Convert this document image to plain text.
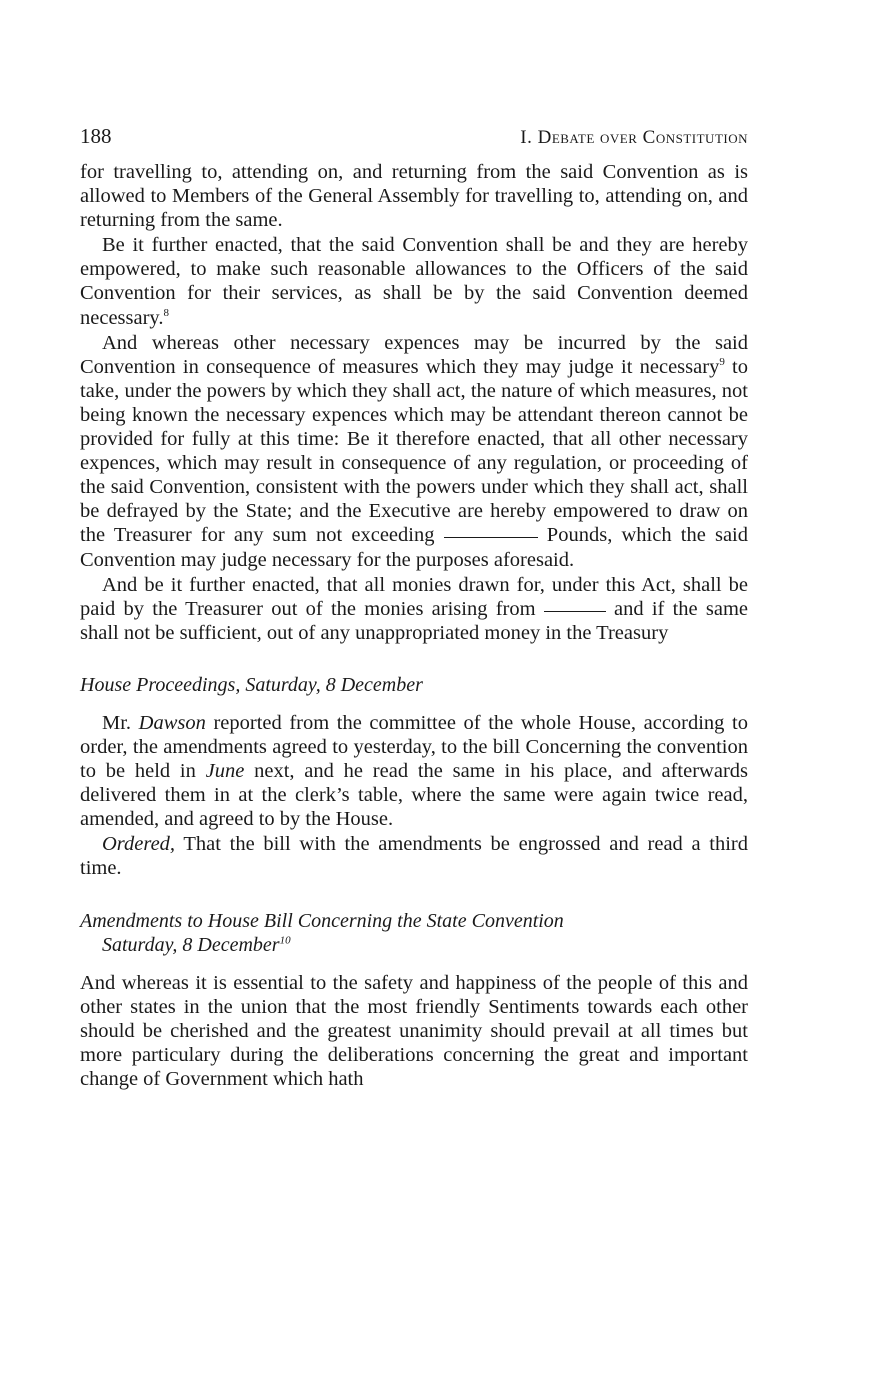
188	I. Debate over Constitution

for travelling to, attending on, and returning from the said Convention as is allowed to Members of the General Assembly for travelling to, attending on, and returning from the same.

Be it further enacted, that the said Convention shall be and they are hereby empowered, to make such reasonable allowances to the Officers of the said Convention for their services, as shall be by the said Convention deemed necessary.$^8$

And whereas other necessary expences may be incurred by the said Convention in consequence of measures which they may judge it necessary$^9$ to take, under the powers by which they shall act, the nature of which measures, not being known the necessary expences which may be attendant thereon cannot be provided for fully at this time: Be it therefore enacted, that all other necessary expences, which may result in consequence of any regulation, or proceeding of the said Convention, consistent with the powers under which they shall act, shall be defrayed by the State; and the Executive are hereby empowered to draw on the Treasurer for any sum not exceeding	Pounds, which the said Convention may judge necessary for the purposes aforesaid.

And be it further enacted, that all monies drawn for, under this Act, shall be paid by the Treasurer out of the monies arising from	and if the same shall not be sufficient, out of any unappropriated money in the Treasury

House Proceedings, Saturday, 8 December

Mr. Dawson reported from the committee of the whole House, according to order, the amendments agreed to yesterday, to the bill Concerning the convention to be held in June next, and he read the same in his place, and afterwards delivered them in at the clerk’s table, where the same were again twice read, amended, and agreed to by the House.

Ordered, That the bill with the amendments be engrossed and read a third time.

Amendments to House Bill Concerning the State Convention
Saturday, 8 December$^{10}$

And whereas it is essential to the safety and happiness of the people of this and other states in the union that the most friendly Sentiments towards each other should be cherished and the greatest unanimity should prevail at all times but more particulary during the deliberations concerning the great and important change of Government which hath
